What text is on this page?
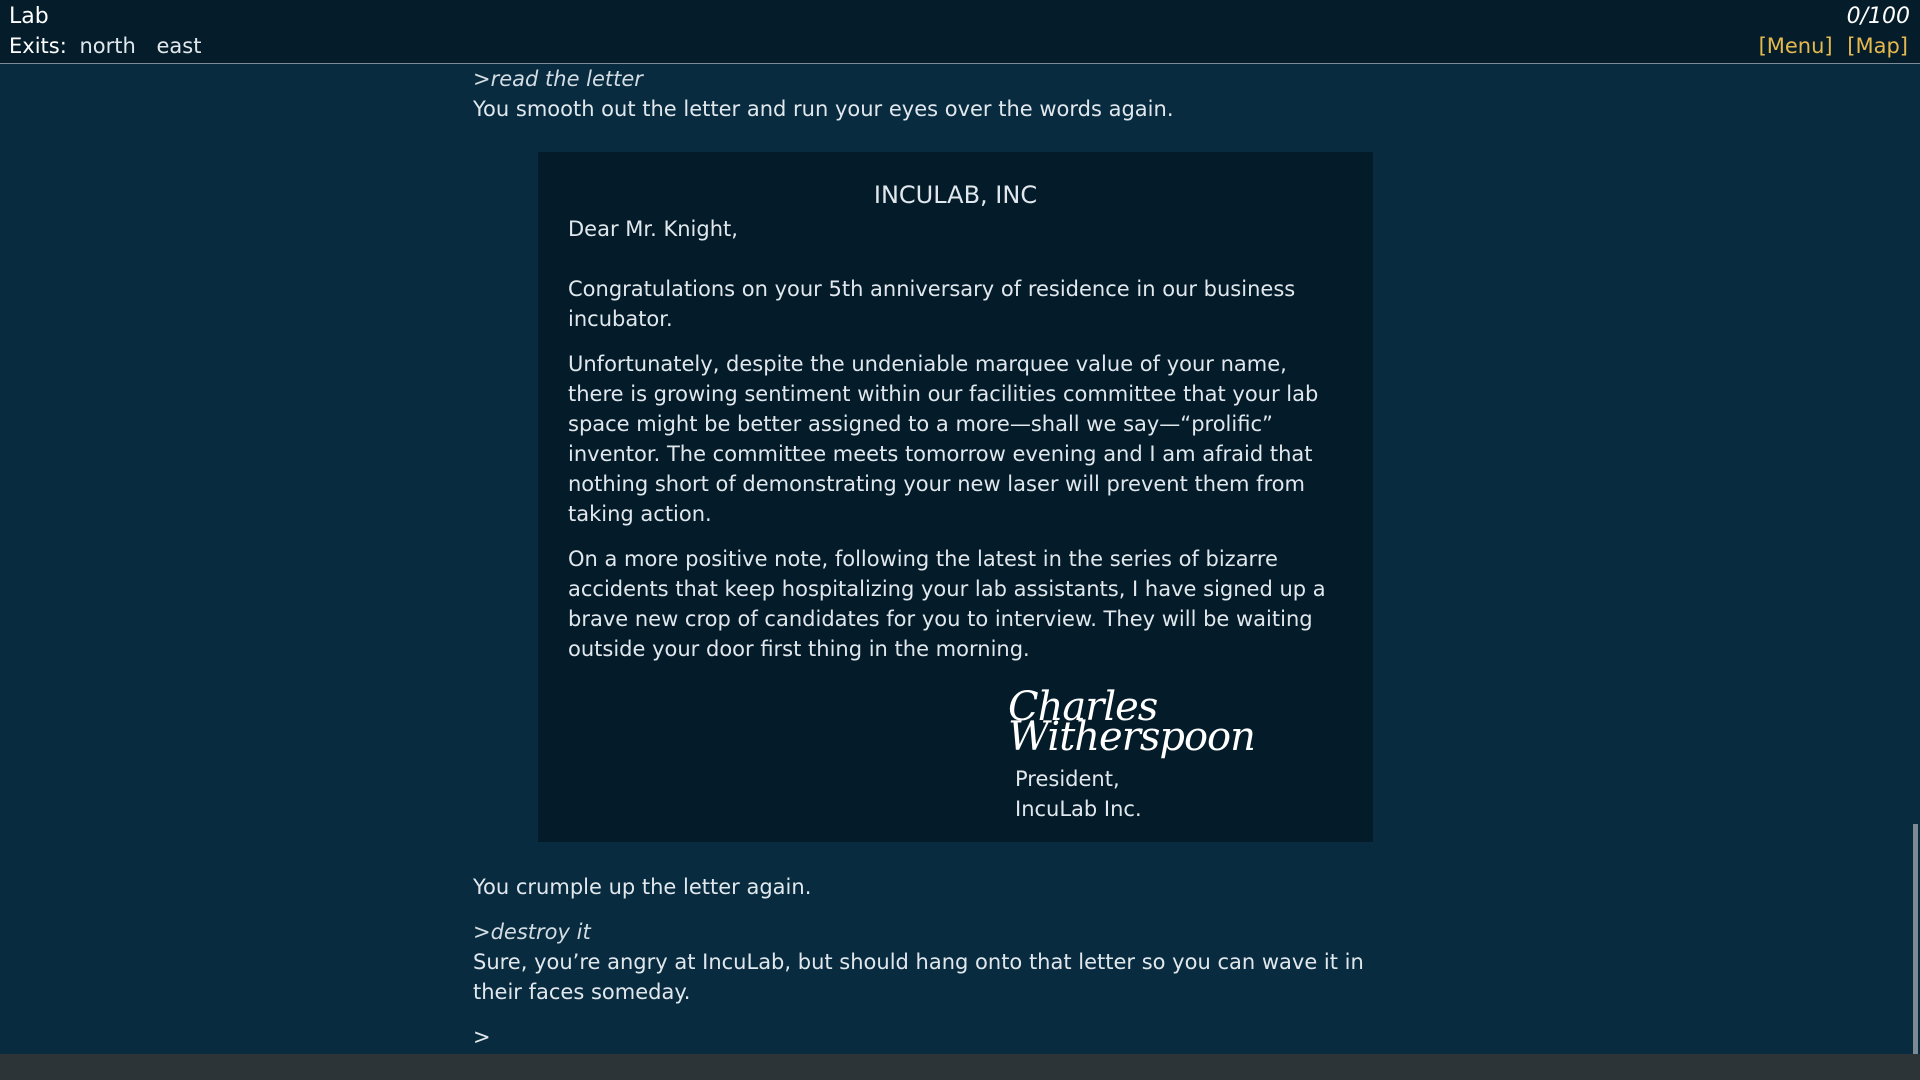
Lab	0/100
Exits: north east	[Menu] [Map]
>read the letter

You smooth out the letter and run your eyes over the words again.

INCULAB, INC

Dear Mr. Knight,

Congratulations on your 5th anniversary of residence in our business incubator.

Unfortunately, despite the undeniable marquee value of your name, there is growing sentiment within our facilities committee that your lab space might be better assigned to a more—shall we say—“prolific” inventor. The committee meets tomorrow evening and I am afraid that nothing short of demonstrating your new laser will prevent them from taking action.

On a more positive note, following the latest in the series of bizarre accidents that keep hospitalizing your lab assistants, I have signed up a brave new crop of candidates for you to interview. They will be waiting outside your door first thing in the morning.

Charles Witherspoon
President,
IncuLab Inc.

You crumple up the letter again.

>destroy it

Sure, you’re angry at IncuLab, but should hang onto that letter so you can wave it in their faces someday.

>
